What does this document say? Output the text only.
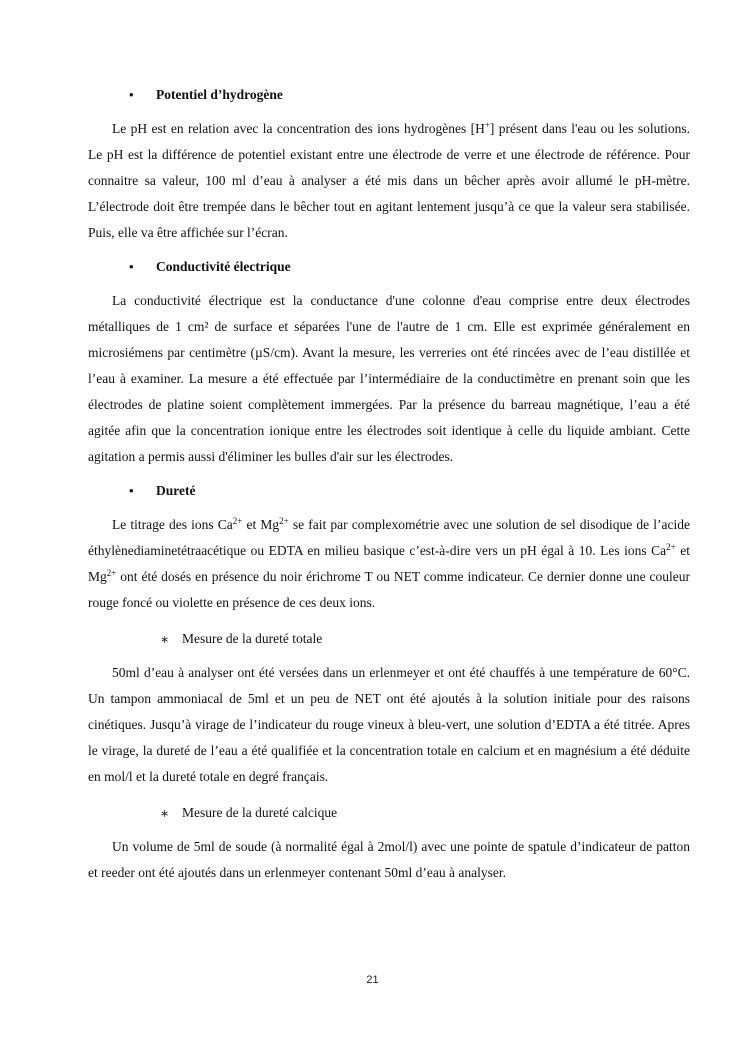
• Potentiel d’hydrogène

Le pH est en relation avec la concentration des ions hydrogènes [H+] présent dans l'eau ou les solutions. Le pH est la différence de potentiel existant entre une électrode de verre et une électrode de référence. Pour connaitre sa valeur, 100 ml d’eau à analyser a été mis dans un bêcher après avoir allumé le pH-mètre. L’électrode doit être trempée dans le bêcher tout en agitant lentement jusqu’à ce que la valeur sera stabilisée. Puis, elle va être affichée sur l’écran.

• Conductivité électrique

La conductivité électrique est la conductance d'une colonne d'eau comprise entre deux électrodes métalliques de 1 cm² de surface et séparées l'une de l'autre de 1 cm. Elle est exprimée généralement en microsiémens par centimètre (µS/cm). Avant la mesure, les verreries ont été rincées avec de l’eau distillée et l’eau à examiner. La mesure a été effectuée par l’intermédiaire de la conductimètre en prenant soin que les électrodes de platine soient complètement immergées. Par la présence du barreau magnétique, l’eau a été agitée afin que la concentration ionique entre les électrodes soit identique à celle du liquide ambiant. Cette agitation a permis aussi d'éliminer les bulles d'air sur les électrodes.

• Dureté

Le titrage des ions $Ca^{2+}$ et $Mg^{2+}$ se fait par complexométrie avec une solution de sel disodique de l’acide éthylènediaminetétraacétique ou EDTA en milieu basique c’est-à-dire vers un pH égal à 10. Les ions $Ca^{2+}$ et $Mg^{2+}$ ont été dosés en présence du noir érichrome T ou NET comme indicateur. Ce dernier donne une couleur rouge foncé ou violette en présence de ces deux ions.

∗ Mesure de la dureté totale

50ml d’eau à analyser ont été versées dans un erlenmeyer et ont été chauffés à une température de 60°C. Un tampon ammoniacal de 5ml et un peu de NET ont été ajoutés à la solution initiale pour des raisons cinétiques. Jusqu’à virage de l’indicateur du rouge vineux à bleu-vert, une solution d’EDTA a été titrée. Apres le virage, la dureté de l’eau a été qualifiée et la concentration totale en calcium et en magnésium a été déduite en mol/l et la dureté totale en degré français.

∗ Mesure de la dureté calcique

Un volume de 5ml de soude (à normalité égal à 2mol/l) avec une pointe de spatule d’indicateur de patton et reeder ont été ajoutés dans un erlenmeyer contenant 50ml d’eau à analyser.

21
